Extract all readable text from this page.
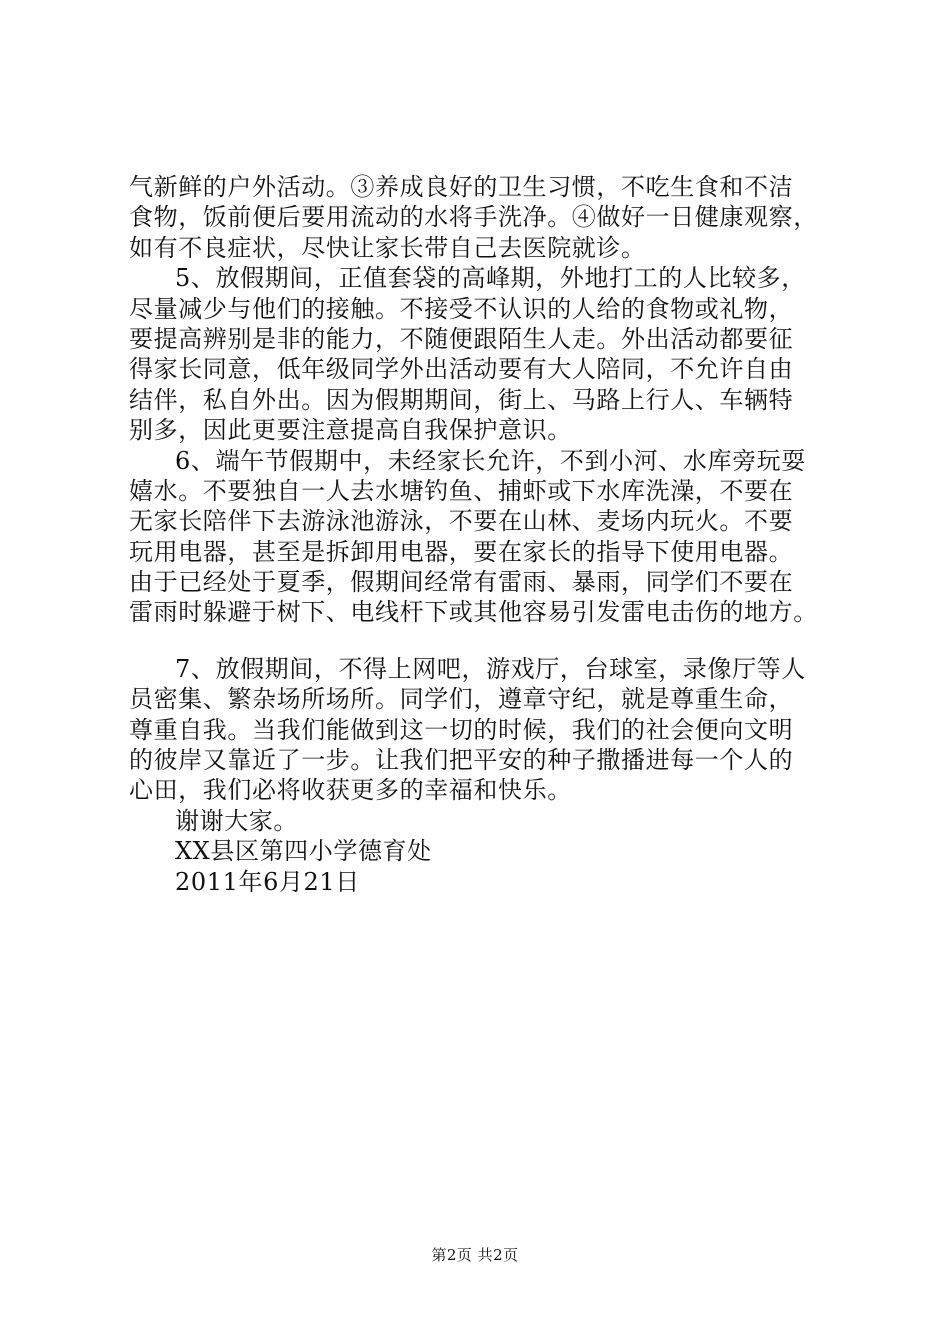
气新鲜的户外活动。③养成良好的卫生习惯，不吃生食和不洁
食物，饭前便后要用流动的水将手洗净。④做好一日健康观察，
如有不良症状，尽快让家长带自己去医院就诊。
5、放假期间，正值套袋的高峰期，外地打工的人比较多，
尽量减少与他们的接触。不接受不认识的人给的食物或礼物，
要提高辨别是非的能力，不随便跟陌生人走。外出活动都要征
得家长同意，低年级同学外出活动要有大人陪同，不允许自由
结伴，私自外出。因为假期期间，街上、马路上行人、车辆特
别多，因此更要注意提高自我保护意识。
6、端午节假期中，未经家长允许，不到小河、水库旁玩耍
嬉水。不要独自一人去水塘钓鱼、捕虾或下水库洗澡，不要在
无家长陪伴下去游泳池游泳，不要在山林、麦场内玩火。不要
玩用电器，甚至是拆卸用电器，要在家长的指导下使用电器。
由于已经处于夏季，假期间经常有雷雨、暴雨，同学们不要在
雷雨时躲避于树下、电线杆下或其他容易引发雷电击伤的地方。
7、放假期间，不得上网吧，游戏厅，台球室，录像厅等人
员密集、繁杂场所场所。同学们，遵章守纪，就是尊重生命，
尊重自我。当我们能做到这一切的时候，我们的社会便向文明
的彼岸又靠近了一步。让我们把平安的种子撒播进每一个人的
心田，我们必将收获更多的幸福和快乐。
谢谢大家。
XX县区第四小学德育处
2011年6月21日
第2页 共2页
